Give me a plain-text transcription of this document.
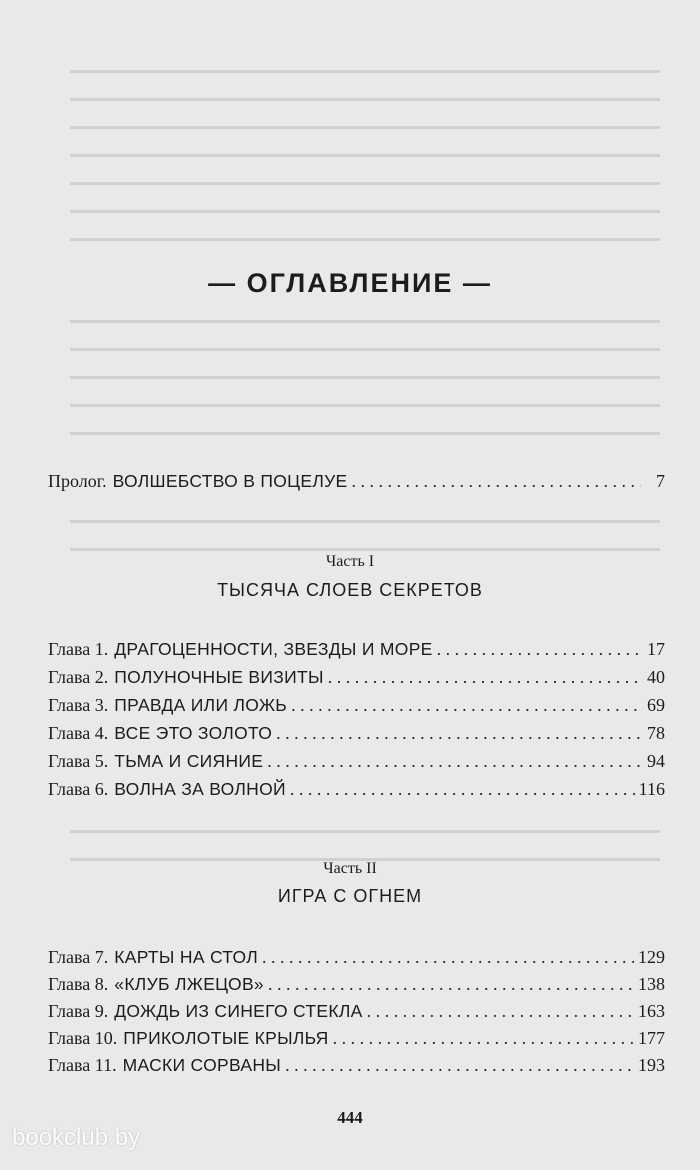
— ОГЛАВЛЕНИЕ —
Пролог. ВОЛШЕБСТВО В ПОЦЕЛУЕ . . .	7
Часть I
ТЫСЯЧА СЛОЕВ СЕКРЕТОВ
Глава 1. ДРАГОЦЕННОСТИ, ЗВЕЗДЫ И МОРЕ . . .	17
Глава 2. ПОЛУНОЧНЫЕ ВИЗИТЫ . . .	40
Глава 3. ПРАВДА ИЛИ ЛОЖЬ . . .	69
Глава 4. ВСЕ ЭТО ЗОЛОТО . . .	78
Глава 5. ТЬМА И СИЯНИЕ . . .	94
Глава 6. ВОЛНА ЗА ВОЛНОЙ . . .	116
Часть II
ИГРА С ОГНЕМ
Глава 7. КАРТЫ НА СТОЛ . . .	129
Глава 8. «КЛУБ ЛЖЕЦОВ» . . .	138
Глава 9. ДОЖДЬ ИЗ СИНЕГО СТЕКЛА . . .	163
Глава 10. ПРИКОЛОТЫЕ КРЫЛЬЯ . . .	177
Глава 11. МАСКИ СОРВАНЫ . . .	193
444
bookclub.by
